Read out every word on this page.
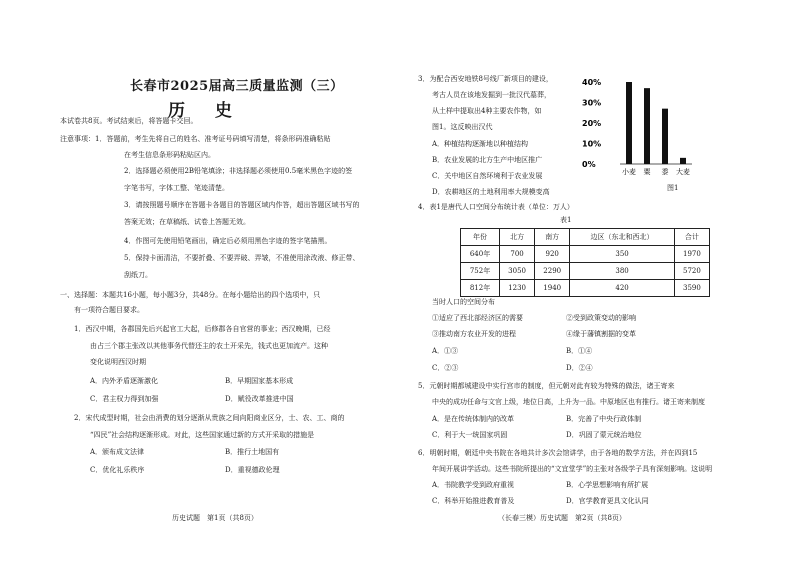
长春市2025届高三质量监测（三）
历 史
本试卷共8页。考试结束后，将答题卡交回。
注意事项：1．答题前，考生先将自己的姓名、准考证号码填写清楚，将条形码准确粘贴
在考生信息条形码粘贴区内。
2．选择题必须使用2B铅笔填涂；非选择题必须使用0.5毫米黑色字迹的签
字笔书写，字体工整、笔迹清楚。
3．请按照题号顺序在答题卡各题目的答题区域内作答，超出答题区域书写的
答案无效；在草稿纸、试卷上答题无效。
4．作图可先使用铅笔画出，确定后必须用黑色字迹的签字笔描黑。
5．保持卡面清洁，不要折叠、不要弄破、弄皱，不准使用涂改液、修正带、
刮纸刀。
一、选择题：本题共16小题，每小题3分，共48分。在每小题给出的四个选项中，只
有一项符合题目要求。
1．西汉中期，各郡国先后兴起官工大起，后修郡各自官营的事业；西汉晚期，已经
由占三个郡主张改以其他事务代替还主的农土开采先，钱式也更加流产。这种
变化说明西汉时期
A．内外矛盾逐渐激化	B．早期国家基本形成
C．君主权力得到加强	D．赋役改革推进中国
2．宋代成型时期，社会由消费的划分逐渐从贵族之间向阳商业区分，士、农、工、商的
“四民”社会结构逐渐形成。对此，这些国家通过新的方式开采取的措施是
A．颁布成文法律	B．推行土地国有
C．优化礼乐秩序	D．重视德政伦理
历史试题　第1页（共8页）
3．为配合西安地铁8号线厂新项目的建设，
考古人员在该地发掘到一批汉代墓葬，
从土样中提取出4种主要农作物，如
图1。这反映出汉代
A．种植结构逐渐地以种植结构
B．农业发展的北方生产中地区推广
C．关中地区自然环境利于农业发展
D．农耕地区的土地利用率大规模变高
40%
30%
20%
10%
0%
小麦 粟 黍 大麦
图1
4．表1是唐代人口空间分布统计表（单位：万人）
表1
年份	北方	南方	边区（东北和西北）	合计
640年	700	920	350	1970
752年	3050	2290	380	5720
812年	1230	1940	420	3590
当时人口的空间分布
①适应了西北部经济区的需要	②受到政策变动的影响
③推动南方农业开发的进程	④缘于藩镇割据的变革
A．①③	B．①④
C．②③	D．②④
5．元朝时期都城建设中实行宫市的制度，但元朝对此有较为特殊的做法，诸王寄来
中央的成功任命与文官上级，地位日高，上升为一品。中原地区也有推行。诸王寄来制度
A．是在传统体制内的改革	B．完善了中央行政体制
C．利于大一统国家巩固	D．巩固了蒙元统治地位
6．明朝时期，朝廷中央书院在各地共计多次会馆讲学，由于各地的数学方法，并在四到15
年间开展讲学活动。这些书院所提出的“文宜堂学”的主张对各级学子具有深刻影响。这说明
A．书院教学受到政府重视	B．心学思想影响有所扩展
C．科举开始推进教育普及	D．官学教育更具文化认同
（长春三模）历史试题　第2页（共8页）
